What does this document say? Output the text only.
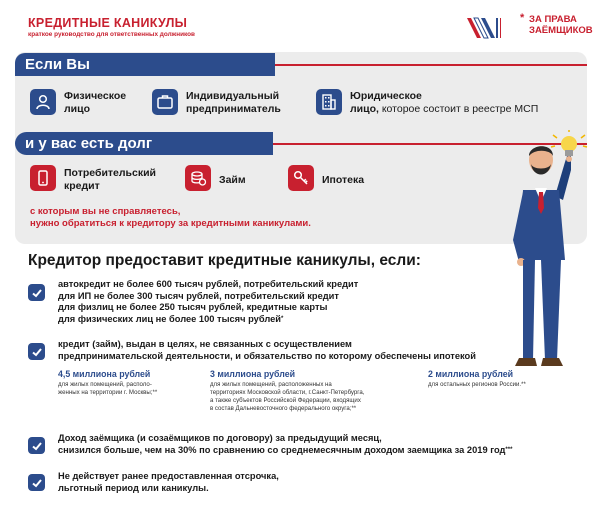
КРЕДИТНЫЕ КАНИКУЛЫ
краткое руководство для ответственных должников
* ЗА ПРАВА
ЗАЁМЩИКОВ
Если Вы
Физическое
лицо
Индивидуальный
предприниматель
Юридическое
лицо, которое состоит в реестре МСП
и у вас есть долг
Потребительский
кредит	Займ	Ипотека
с которым вы не справляетесь,
нужно обратиться к кредитору за кредитными каникулами.
Кредитор предоставит кредитные каникулы, если:
автокредит не более 600 тысяч рублей, потребительский кредит
для ИП не более 300 тысяч рублей, потребительский кредит
для физлиц не более 250 тысяч рублей, кредитные карты
для физических лиц не более 100 тысяч рублей*
кредит (займ), выдан в целях, не связанных с осуществлением
предпринимательской деятельности, и обязательство по которому обеспечены ипотекой
4,5 миллиона рублей
для жилых помещений, располо-
женных на территории г. Москвы;**
3 миллиона рублей
для жилых помещений, расположенных на
территориях Московской области, г.Санкт-Петербурга,
а также субъектов Российской Федерации, входящих
в состав Дальневосточного федерального округа;**
2 миллиона рублей
для остальных регионов России.**
Доход заёмщика (и созаёмщиков по договору) за предыдущий месяц,
снизился больше, чем на 30% по сравнению со среднемесячным доходом заемщика за 2019 год***
Не действует ранее предоставленная отсрочка,
льготный период или каникулы.
